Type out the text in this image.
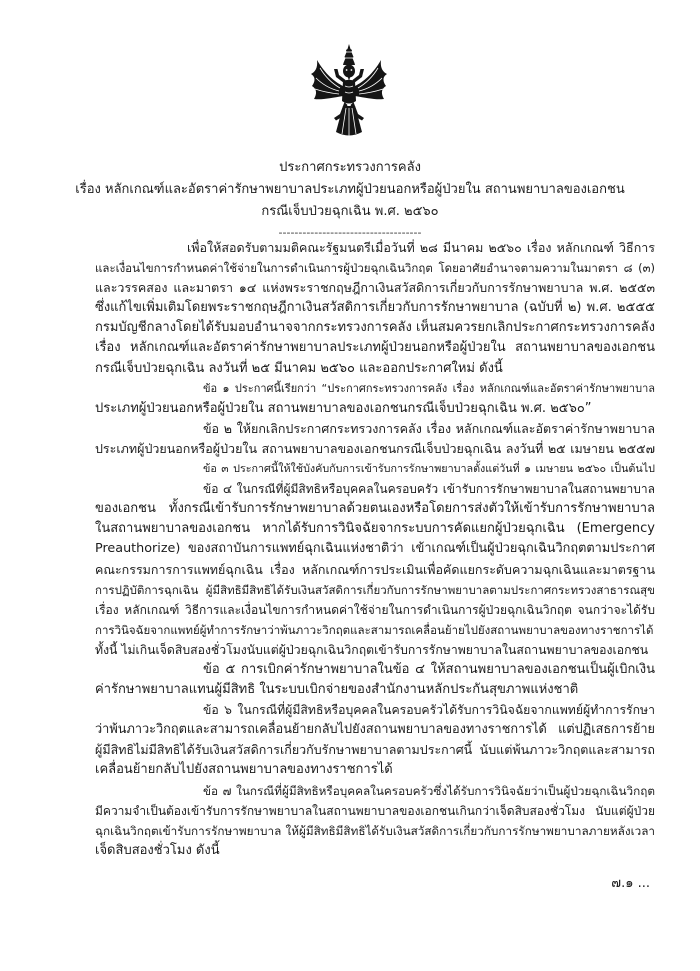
ประกาศกระทรวงการคลัง
เรื่อง หลักเกณฑ์และอัตราค่ารักษาพยาบาลประเภทผู้ป่วยนอกหรือผู้ป่วยใน สถานพยาบาลของเอกชน
กรณีเจ็บป่วยฉุกเฉิน พ.ศ. ๒๕๖๐
------------------------------------
เพื่อให้สอดรับตามมติคณะรัฐมนตรีเมื่อวันที่ ๒๘ มีนาคม ๒๕๖๐ เรื่อง หลักเกณฑ์ วิธีการ
และเงื่อนไขการกำหนดค่าใช้จ่ายในการดำเนินการผู้ป่วยฉุกเฉินวิกฤต โดยอาศัยอำนาจตามความในมาตรา ๘ (๓)
และวรรคสอง และมาตรา ๑๔ แห่งพระราชกฤษฎีกาเงินสวัสดิการเกี่ยวกับการรักษาพยาบาล พ.ศ. ๒๕๕๓
ซึ่งแก้ไขเพิ่มเติมโดยพระราชกฤษฎีกาเงินสวัสดิการเกี่ยวกับการรักษาพยาบาล (ฉบับที่ ๒) พ.ศ. ๒๕๕๕
กรมบัญชีกลางโดยได้รับมอบอำนาจจากกระทรวงการคลัง เห็นสมควรยกเลิกประกาศกระทรวงการคลัง
เรื่อง หลักเกณฑ์และอัตราค่ารักษาพยาบาลประเภทผู้ป่วยนอกหรือผู้ป่วยใน สถานพยาบาลของเอกชน
กรณีเจ็บป่วยฉุกเฉิน ลงวันที่ ๒๕ มีนาคม ๒๕๖๐ และออกประกาศใหม่ ดังนี้
ข้อ ๑ ประกาศนี้เรียกว่า “ประกาศกระทรวงการคลัง เรื่อง หลักเกณฑ์และอัตราค่ารักษาพยาบาล
ประเภทผู้ป่วยนอกหรือผู้ป่วยใน สถานพยาบาลของเอกชนกรณีเจ็บป่วยฉุกเฉิน พ.ศ. ๒๕๖๐”
ข้อ ๒ ให้ยกเลิกประกาศกระทรวงการคลัง เรื่อง หลักเกณฑ์และอัตราค่ารักษาพยาบาล
ประเภทผู้ป่วยนอกหรือผู้ป่วยใน สถานพยาบาลของเอกชนกรณีเจ็บป่วยฉุกเฉิน ลงวันที่ ๒๕ เมษายน ๒๕๕๗
ข้อ ๓ ประกาศนี้ให้ใช้บังคับกับการเข้ารับการรักษาพยาบาลตั้งแต่วันที่ ๑ เมษายน ๒๕๖๐ เป็นต้นไป
ข้อ ๔ ในกรณีที่ผู้มีสิทธิหรือบุคคลในครอบครัว เข้ารับการรักษาพยาบาลในสถานพยาบาล
ของเอกชน ทั้งกรณีเข้ารับการรักษาพยาบาลด้วยตนเองหรือโดยการส่งตัวให้เข้ารับการรักษาพยาบาล
ในสถานพยาบาลของเอกชน หากได้รับการวินิจฉัยจากระบบการคัดแยกผู้ป่วยฉุกเฉิน (Emergency
Preauthorize) ของสถาบันการแพทย์ฉุกเฉินแห่งชาติว่า เข้าเกณฑ์เป็นผู้ป่วยฉุกเฉินวิกฤตตามประกาศ
คณะกรรมการการแพทย์ฉุกเฉิน เรื่อง หลักเกณฑ์การประเมินเพื่อคัดแยกระดับความฉุกเฉินและมาตรฐาน
การปฏิบัติการฉุกเฉิน ผู้มีสิทธิมีสิทธิได้รับเงินสวัสดิการเกี่ยวกับการรักษาพยาบาลตามประกาศกระทรวงสาธารณสุข
เรื่อง หลักเกณฑ์ วิธีการและเงื่อนไขการกำหนดค่าใช้จ่ายในการดำเนินการผู้ป่วยฉุกเฉินวิกฤต จนกว่าจะได้รับ
การวินิจฉัยจากแพทย์ผู้ทำการรักษาว่าพ้นภาวะวิกฤตและสามารถเคลื่อนย้ายไปยังสถานพยาบาลของทางราชการได้
ทั้งนี้ ไม่เกินเจ็ดสิบสองชั่วโมงนับแต่ผู้ป่วยฉุกเฉินวิกฤตเข้ารับการรักษาพยาบาลในสถานพยาบาลของเอกชน
ข้อ ๕ การเบิกค่ารักษาพยาบาลในข้อ ๔ ให้สถานพยาบาลของเอกชนเป็นผู้เบิกเงิน
ค่ารักษาพยาบาลแทนผู้มีสิทธิ ในระบบเบิกจ่ายของสำนักงานหลักประกันสุขภาพแห่งชาติ
ข้อ ๖ ในกรณีที่ผู้มีสิทธิหรือบุคคลในครอบครัวได้รับการวินิจฉัยจากแพทย์ผู้ทำการรักษา
ว่าพ้นภาวะวิกฤตและสามารถเคลื่อนย้ายกลับไปยังสถานพยาบาลของทางราชการได้ แต่ปฏิเสธการย้าย
ผู้มีสิทธิไม่มีสิทธิได้รับเงินสวัสดิการเกี่ยวกับรักษาพยาบาลตามประกาศนี้ นับแต่พ้นภาวะวิกฤตและสามารถ
เคลื่อนย้ายกลับไปยังสถานพยาบาลของทางราชการได้
ข้อ ๗ ในกรณีที่ผู้มีสิทธิหรือบุคคลในครอบครัวซึ่งได้รับการวินิจฉัยว่าเป็นผู้ป่วยฉุกเฉินวิกฤต
มีความจำเป็นต้องเข้ารับการรักษาพยาบาลในสถานพยาบาลของเอกชนเกินกว่าเจ็ดสิบสองชั่วโมง นับแต่ผู้ป่วย
ฉุกเฉินวิกฤตเข้ารับการรักษาพยาบาล ให้ผู้มีสิทธิมีสิทธิได้รับเงินสวัสดิการเกี่ยวกับการรักษาพยาบาลภายหลังเวลา
เจ็ดสิบสองชั่วโมง ดังนี้
๗.๑ ...
